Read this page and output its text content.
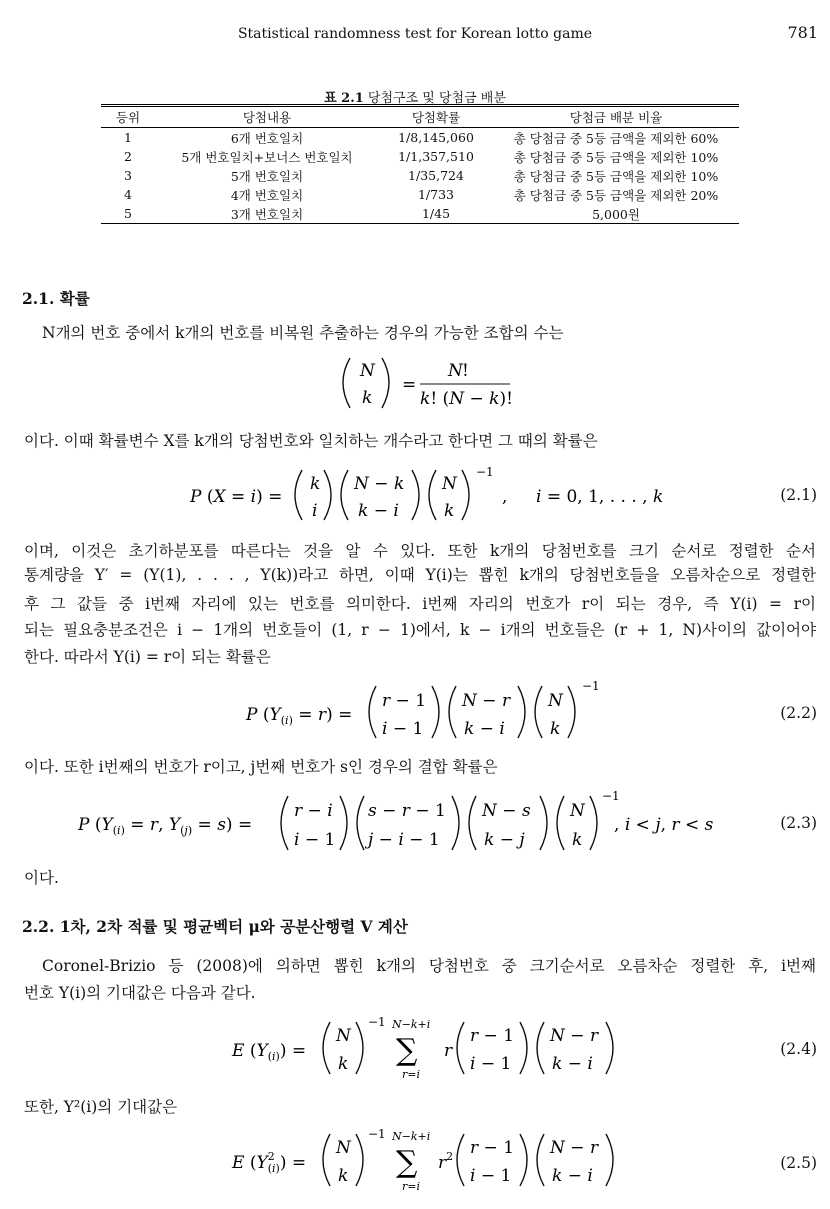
Statistical randomness test for Korean lotto game	781
표 2.1 당첨구조 및 당첨금 배분
등위	당첨내용	당첨확률	당첨금 배분 비율
1	6개 번호일치	1/8,145,060	총 당첨금 중 5등 금액을 제외한 60%
2	5개 번호일치+보너스 번호일치	1/1,357,510	총 당첨금 중 5등 금액을 제외한 10%
3	5개 번호일치	1/35,724	총 당첨금 중 5등 금액을 제외한 10%
4	4개 번호일치	1/733	총 당첨금 중 5등 금액을 제외한 20%
5	3개 번호일치	1/45	5,000원
2.1. 확률
N개의 번호 중에서 k개의 번호를 비복원 추출하는 경우의 가능한 조합의 수는
N
k
=
N !
k! (N − k)!
이다. 이때 확률변수 X를 k개의 당첨번호와 일치하는 개수라고 한다면 그 때의 확률은
P (X = i) =
k
i
N − k
k − i
N
k
−1
, i = 0, 1, . . . , k	(2.1)
이며, 이것은 초기하분포를 따른다는 것을 알 수 있다. 또한 k개의 당첨번호를 크기 순서로 정렬한 순서
통계량을 Y′ = (Y(1), . . . , Y(k))라고 하면, 이때 Y(i)는 뽑힌 k개의 당첨번호들을 오름차순으로 정렬한
후 그 값들 중 i번째 자리에 있는 번호를 의미한다. i번째 자리의 번호가 r이 되는 경우, 즉 Y(i) = r이
되는 필요충분조건은 i − 1개의 번호들이 (1, r − 1)에서, k − i개의 번호들은 (r + 1, N)사이의 값이어야
한다. 따라서 Y(i) = r이 되는 확률은
P $(Y_{(i)} = r)$ =
r − 1
i − 1
N − r
k − i
N
k
−1
(2.2)
이다. 또한 i번째의 번호가 r이고, j번째 번호가 s인 경우의 결합 확률은
P ($Y_{(i)} = r$, $Y_{(j)} = s$) =
r − i
i − 1
s − r − 1
j − i − 1
N − s
k − j
N
k
−1
, i < j, r < s	(2.3)
이다.
2.2. 1차, 2차 적률 및 평균벡터 μ와 공분산행렬 V 계산
Coronel-Brizio 등 (2008)에 의하면 뽑힌 k개의 당첨번호 중 크기순서로 오름차순 정렬한 후, i번째
번호 Y(i)의 기대값은 다음과 같다.
E $(Y_{(i)})$ =
N
k
−1 N−k+i
∑
r=i
r
r − 1
i − 1
N − r
k − i
(2.4)
또한, Y²(i)의 기대값은
E ($Y^2$ (i)) =
N
k
−1 N−k+i
∑
r=i
$r^2$ r − 1
i − 1
N − r
k − i
(2.5)
